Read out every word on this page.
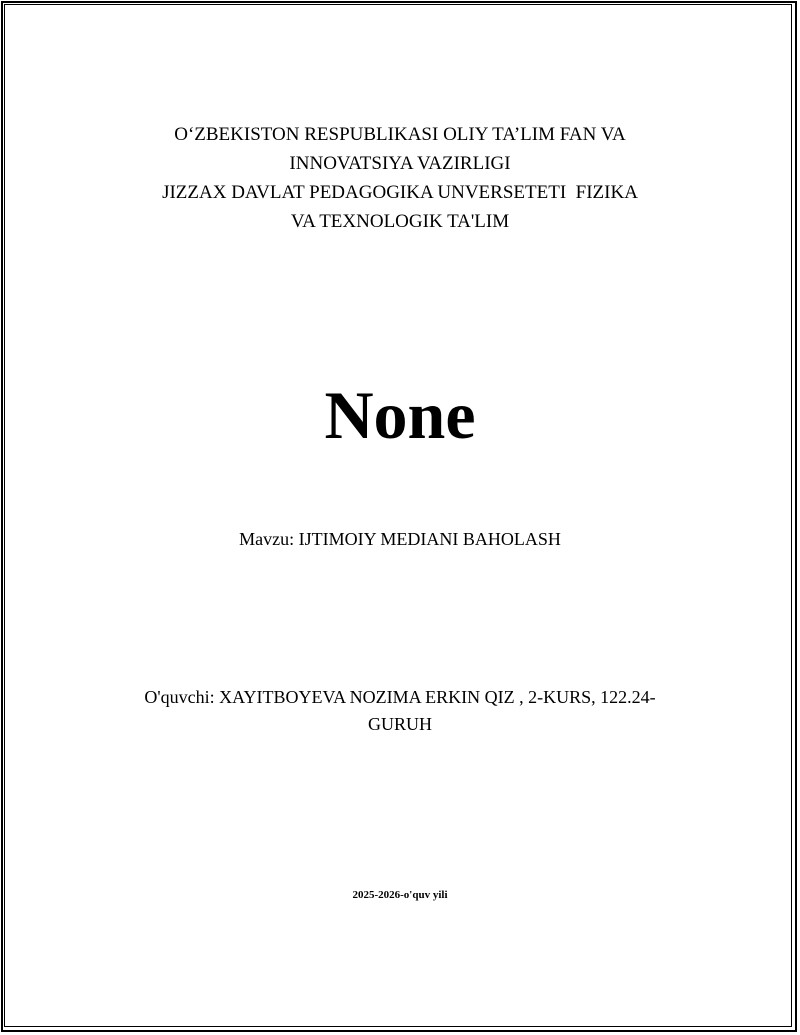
O‘ZBEKISTON RESPUBLIKASI OLIY TA’LIM FAN VA
INNOVATSIYA VAZIRLIGI
JIZZAX DAVLAT PEDAGOGIKA UNVERSETETI  FIZIKA
VA TEXNOLOGIK TA'LIM
None
Mavzu: IJTIMOIY MEDIANI BAHOLASH
O'quvchi: XAYITBOYEVA NOZIMA ERKIN QIZ , 2-KURS, 122.24-
GURUH
2025-2026-o'quv yili
